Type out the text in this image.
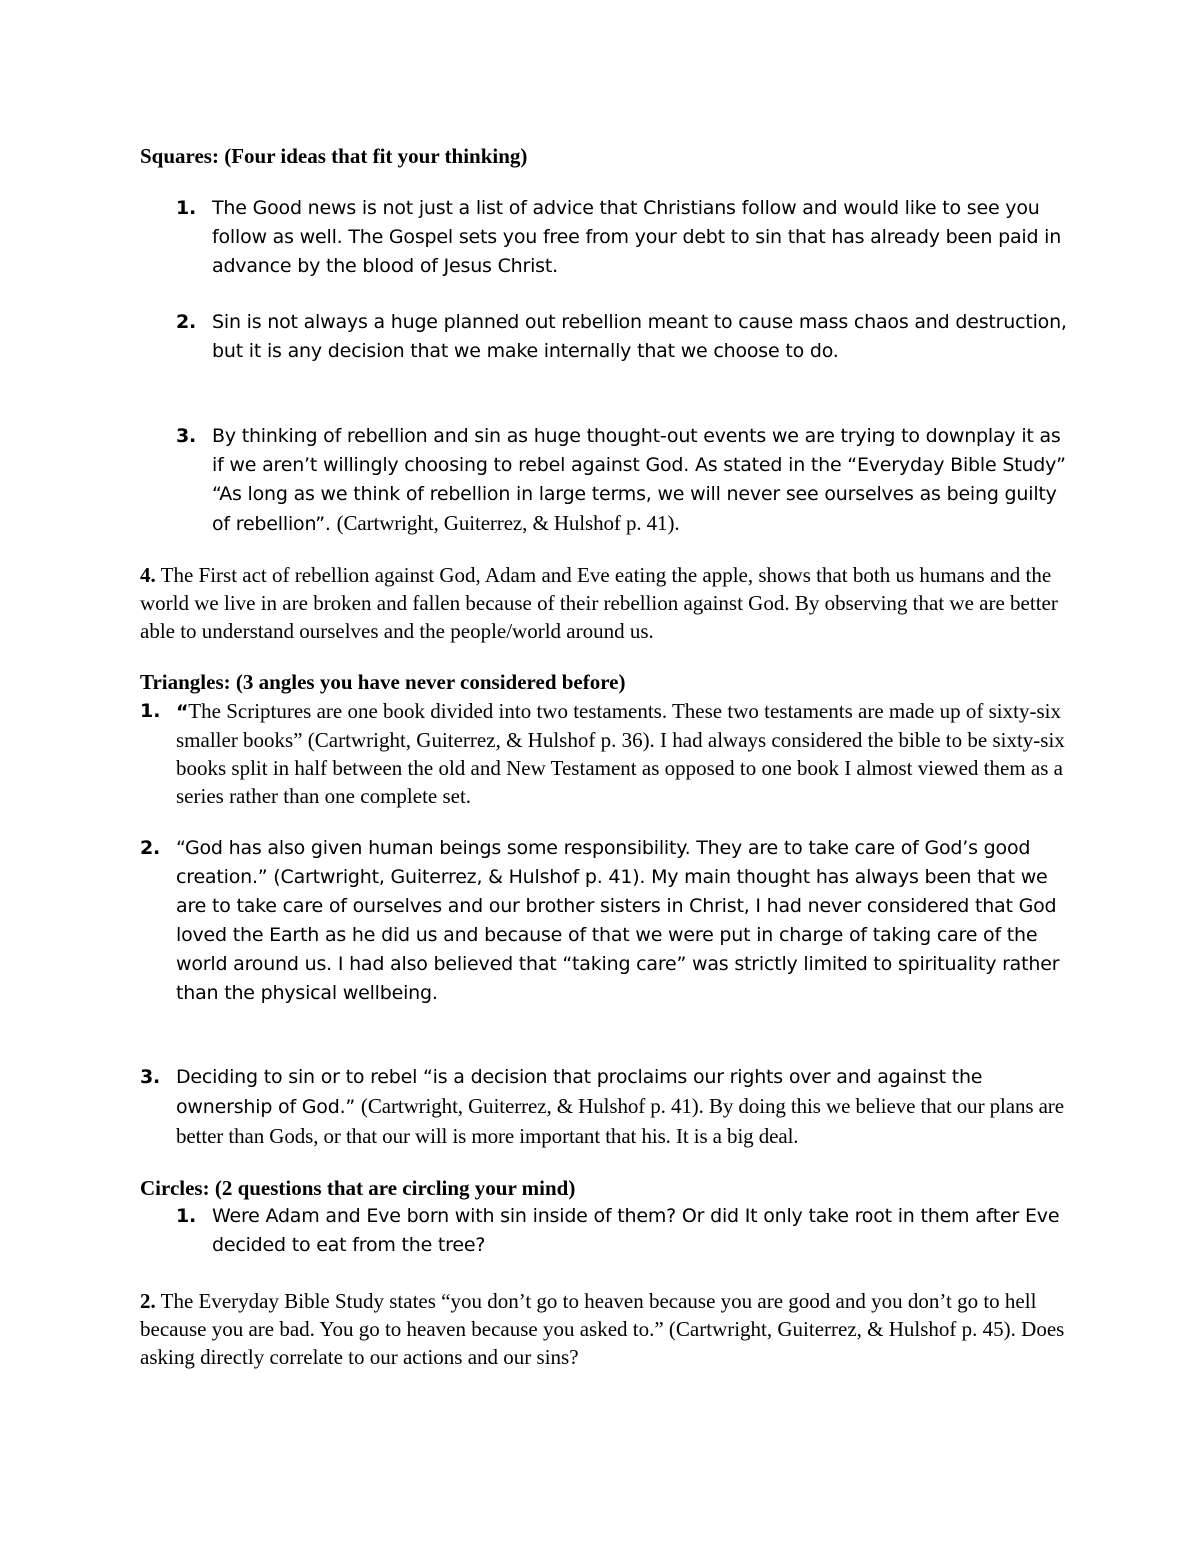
Squares: (Four ideas that fit your thinking)

1. The Good news is not just a list of advice that Christians follow and would like to see you follow as well. The Gospel sets you free from your debt to sin that has already been paid in advance by the blood of Jesus Christ.
2. Sin is not always a huge planned out rebellion meant to cause mass chaos and destruction, but it is any decision that we make internally that we choose to do.
3. By thinking of rebellion and sin as huge thought-out events we are trying to downplay it as if we aren’t willingly choosing to rebel against God. As stated in the “Everyday Bible Study” “As long as we think of rebellion in large terms, we will never see ourselves as being guilty of rebellion”. (Cartwright, Guiterrez, & Hulshof p. 41).

4. The First act of rebellion against God, Adam and Eve eating the apple, shows that both us humans and the world we live in are broken and fallen because of their rebellion against God. By observing that we are better able to understand ourselves and the people/world around us.

Triangles: (3 angles you have never considered before)

1. “The Scriptures are one book divided into two testaments. These two testaments are made up of sixty-six smaller books” (Cartwright, Guiterrez, & Hulshof p. 36). I had always considered the bible to be sixty-six books split in half between the old and New Testament as opposed to one book I almost viewed them as a series rather than one complete set.
2. “God has also given human beings some responsibility. They are to take care of God’s good creation.” (Cartwright, Guiterrez, & Hulshof p. 41). My main thought has always been that we are to take care of ourselves and our brother sisters in Christ, I had never considered that God loved the Earth as he did us and because of that we were put in charge of taking care of the world around us. I had also believed that “taking care” was strictly limited to spirituality rather than the physical wellbeing.
3. Deciding to sin or to rebel “is a decision that proclaims our rights over and against the ownership of God.” (Cartwright, Guiterrez, & Hulshof p. 41). By doing this we believe that our plans are better than Gods, or that our will is more important that his. It is a big deal.

Circles: (2 questions that are circling your mind)

1. Were Adam and Eve born with sin inside of them? Or did It only take root in them after Eve decided to eat from the tree?

2. The Everyday Bible Study states “you don’t go to heaven because you are good and you don’t go to hell because you are bad. You go to heaven because you asked to.” (Cartwright, Guiterrez, & Hulshof p. 45). Does asking directly correlate to our actions and our sins?
